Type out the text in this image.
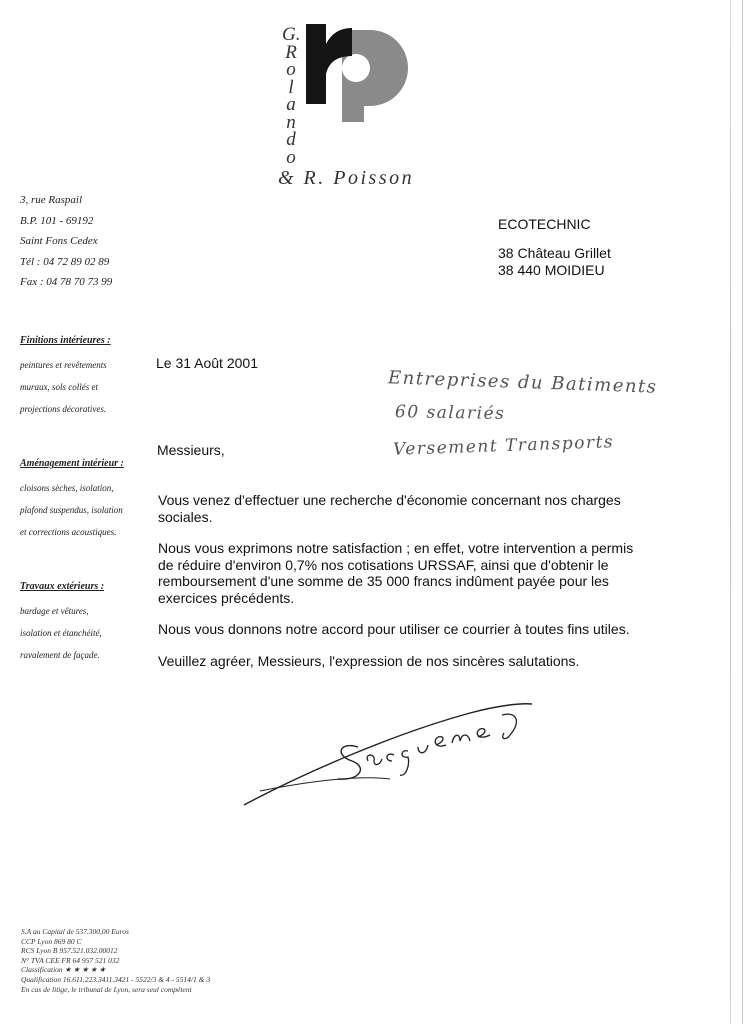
G.
R
o
l
a
n
d
o
& R. Poisson
3, rue Raspail
B.P. 101 - 69192
Saint Fons Cedex
Tél : 04 72 89 02 89
Fax : 04 78 70 73 99
Finitions intérieures :
peintures et revêtements
muraux, sols collés et
projections décoratives.
Aménagement intérieur :
cloisons sèches, isolation,
plafond suspendus, isolation
et corrections acoustiques.
Travaux extérieurs :
bardage et vêtures,
isolation et étanchéité,
ravalement de façade.
ECOTECHNIC
38 Château Grillet
38 440 MOIDIEU
Le 31 Août 2001
Entreprises du Batiments
60 salariés
Versement Transports
Messieurs,

Vous venez d'effectuer une recherche d'économie concernant nos charges sociales.

Nous vous exprimons notre satisfaction ; en effet, votre intervention a permis de réduire d'environ 0,7% nos cotisations URSSAF, ainsi que d'obtenir le remboursement d'une somme de 35 000 francs indûment payée pour les exercices précédents.

Nous vous donnons notre accord pour utiliser ce courrier à toutes fins utiles.

Veuillez agréer, Messieurs, l'expression de nos sincères salutations.

S.A au Capital de 537.300,00 Euros
CCP Lyon 869 80 C
RCS Lyon B 957.521.032.00012
N° TVA CEE FR 64 957 521 032
Classification ★ ★ ★ ★ ★
Qualification 16.611.223.3411.3421 - 5522/3 & 4 - 5514/1 & 3
En cas de litige, le tribunal de Lyon, sera seul compétent
